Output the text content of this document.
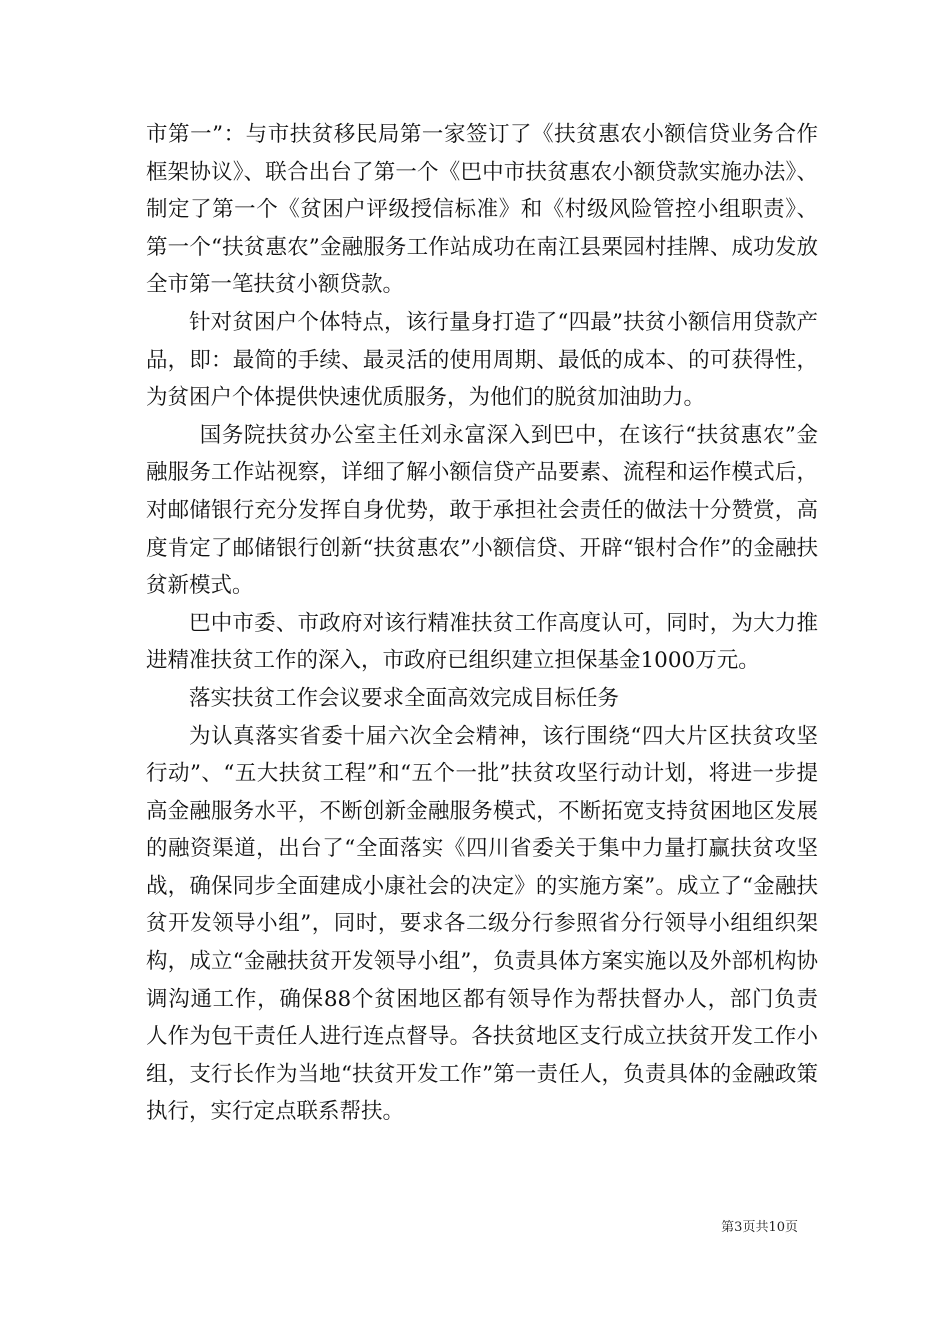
市第一”：与市扶贫移民局第一家签订了《扶贫惠农小额信贷业务合作框架协议》、联合出台了第一个《巴中市扶贫惠农小额贷款实施办法》、制定了第一个《贫困户评级授信标准》和《村级风险管控小组职责》、第一个“扶贫惠农”金融服务工作站成功在南江县栗园村挂牌、成功发放全市第一笔扶贫小额贷款。

针对贫困户个体特点，该行量身打造了“四最”扶贫小额信用贷款产品，即：最简的手续、最灵活的使用周期、最低的成本、的可获得性，为贫困户个体提供快速优质服务，为他们的脱贫加油助力。

国务院扶贫办公室主任刘永富深入到巴中，在该行“扶贫惠农”金融服务工作站视察，详细了解小额信贷产品要素、流程和运作模式后，对邮储银行充分发挥自身优势，敢于承担社会责任的做法十分赞赏，高度肯定了邮储银行创新“扶贫惠农”小额信贷、开辟“银村合作”的金融扶贫新模式。

巴中市委、市政府对该行精准扶贫工作高度认可，同时，为大力推进精准扶贫工作的深入，市政府已组织建立担保基金1000万元。

落实扶贫工作会议要求全面高效完成目标任务

为认真落实省委十届六次全会精神，该行围绕“四大片区扶贫攻坚行动”、“五大扶贫工程”和“五个一批”扶贫攻坚行动计划，将进一步提高金融服务水平，不断创新金融服务模式，不断拓宽支持贫困地区发展的融资渠道，出台了“全面落实《四川省委关于集中力量打赢扶贫攻坚战，确保同步全面建成小康社会的决定》的实施方案”。成立了“金融扶贫开发领导小组”，同时，要求各二级分行参照省分行领导小组组织架构，成立“金融扶贫开发领导小组”，负责具体方案实施以及外部机构协调沟通工作，确保88个贫困地区都有领导作为帮扶督办人，部门负责人作为包干责任人进行连点督导。各扶贫地区支行成立扶贫开发工作小组，支行长作为当地“扶贫开发工作”第一责任人，负责具体的金融政策执行，实行定点联系帮扶。

第3页共10页
